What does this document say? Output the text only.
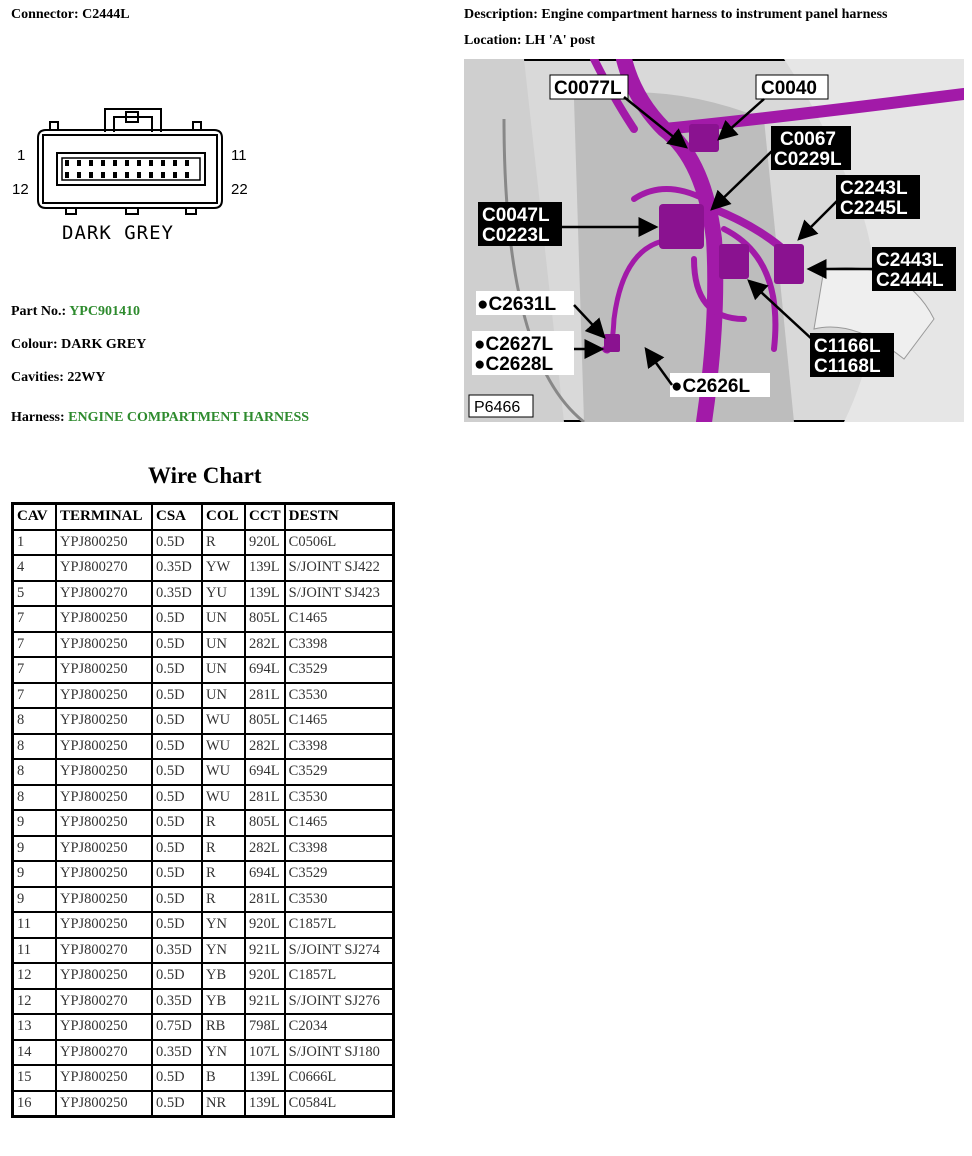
Connector: C2444L	Description: Engine compartment harness to instrument panel harness
Location: LH 'A' post
1	11
12	22
DARK GREY
Part No.: YPC901410
Colour: DARK GREY
Cavities: 22WY
Harness: ENGINE COMPARTMENT HARNESS
C0077L	C0040
C0067
C0229L
C2243L
C2245L
C0047L
C0223L
C2443L
C2444L
C1166L
C1168L
●C2631L
●C2627L
●C2628L
●C2626L
P6466
Wire Chart
CAV	TERMINAL	CSA	COL	CCT	DESTN
1	YPJ800250	0.5D	R	920L	C0506L
4	YPJ800270	0.35D	YW	139L	S/JOINT SJ422
5	YPJ800270	0.35D	YU	139L	S/JOINT SJ423
7	YPJ800250	0.5D	UN	805L	C1465
7	YPJ800250	0.5D	UN	282L	C3398
7	YPJ800250	0.5D	UN	694L	C3529
7	YPJ800250	0.5D	UN	281L	C3530
8	YPJ800250	0.5D	WU	805L	C1465
8	YPJ800250	0.5D	WU	282L	C3398
8	YPJ800250	0.5D	WU	694L	C3529
8	YPJ800250	0.5D	WU	281L	C3530
9	YPJ800250	0.5D	R	805L	C1465
9	YPJ800250	0.5D	R	282L	C3398
9	YPJ800250	0.5D	R	694L	C3529
9	YPJ800250	0.5D	R	281L	C3530
11	YPJ800250	0.5D	YN	920L	C1857L
11	YPJ800270	0.35D	YN	921L	S/JOINT SJ274
12	YPJ800250	0.5D	YB	920L	C1857L
12	YPJ800270	0.35D	YB	921L	S/JOINT SJ276
13	YPJ800250	0.75D	RB	798L	C2034
14	YPJ800270	0.35D	YN	107L	S/JOINT SJ180
15	YPJ800250	0.5D	B	139L	C0666L
16	YPJ800250	0.5D	NR	139L	C0584L
